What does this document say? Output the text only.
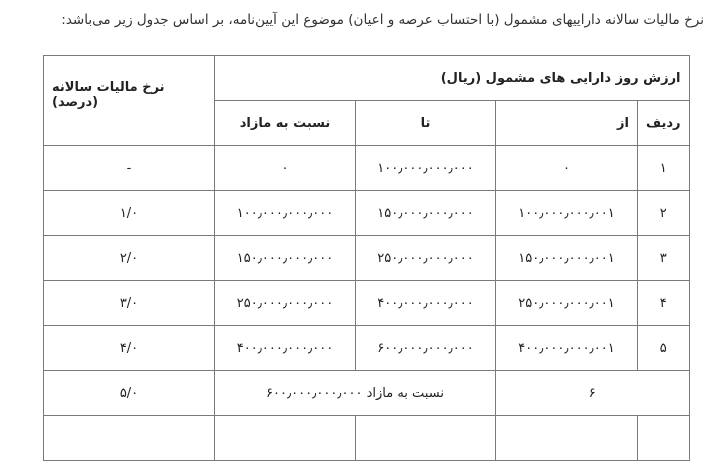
نرخ مالیات سالانه داراییهای مشمول (با احتساب عرصه و اعیان) موضوع این آیین‌نامه، بر اساس جدول زیر می‌باشد:
ارزش روز دارایی های مشمول (ریال)				نرخ مالیات سالانه (درصد)
ردیف	از	تا	نسبت به مازاد	
۱	۰	۱۰۰٫۰۰۰٫۰۰۰٫۰۰۰	۰	-
۲	۱۰۰٫۰۰۰٫۰۰۰٫۰۰۱	۱۵۰٫۰۰۰٫۰۰۰٫۰۰۰	۱۰۰٫۰۰۰٫۰۰۰٫۰۰۰	۱/۰
۳	۱۵۰٫۰۰۰٫۰۰۰٫۰۰۱	۲۵۰٫۰۰۰٫۰۰۰٫۰۰۰	۱۵۰٫۰۰۰٫۰۰۰٫۰۰۰	۲/۰
۴	۲۵۰٫۰۰۰٫۰۰۰٫۰۰۱	۴۰۰٫۰۰۰٫۰۰۰٫۰۰۰	۲۵۰٫۰۰۰٫۰۰۰٫۰۰۰	۳/۰
۵	۴۰۰٫۰۰۰٫۰۰۰٫۰۰۱	۶۰۰٫۰۰۰٫۰۰۰٫۰۰۰	۴۰۰٫۰۰۰٫۰۰۰٫۰۰۰	۴/۰
۶		نسبت به مازاد ۶۰۰٫۰۰۰٫۰۰۰٫۰۰۰		۵/۰
